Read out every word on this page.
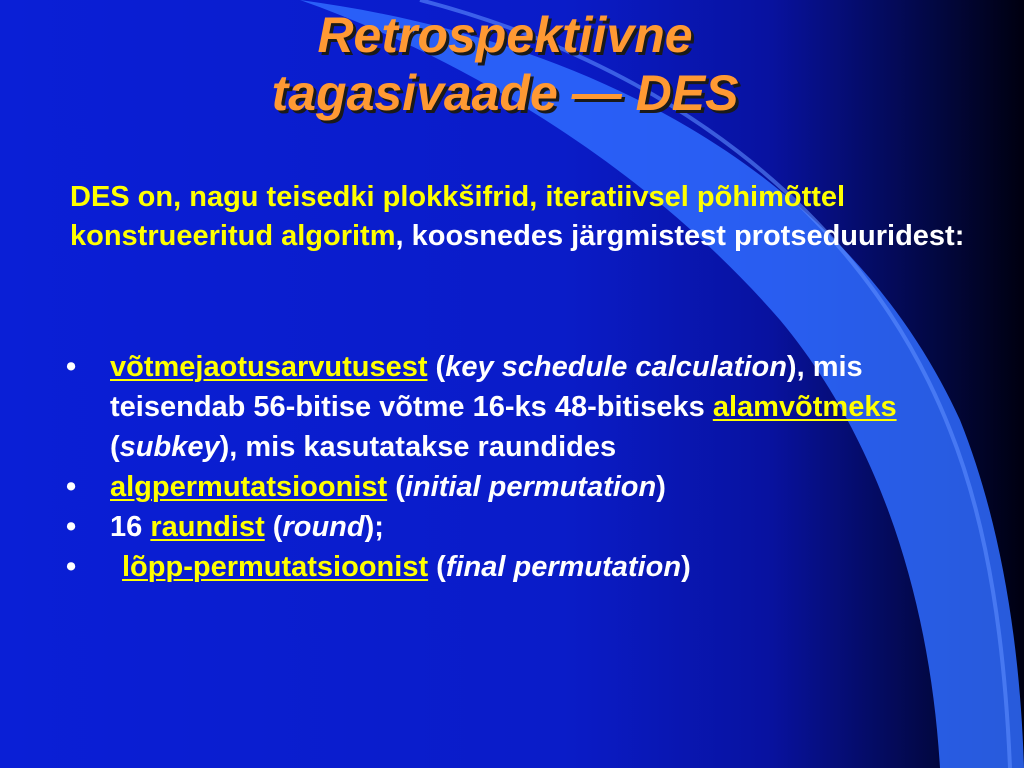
Retrospektiivne
tagasivaade — DES
DES on, nagu teisedki plokkšifrid, iteratiivsel põhimõttel konstrueeritud algoritm, koosnedes järgmistest protseduuridest:
• võtmejaotusarvutusest (key schedule calculation), mis teisendab 56-bitise võtme 16-ks 48-bitiseks alamvõtmeks (subkey), mis kasutatakse raundides
• algpermutatsioonist (initial permutation)
• 16 raundist (round);
• lõpp-permutatsioonist (final permutation)
